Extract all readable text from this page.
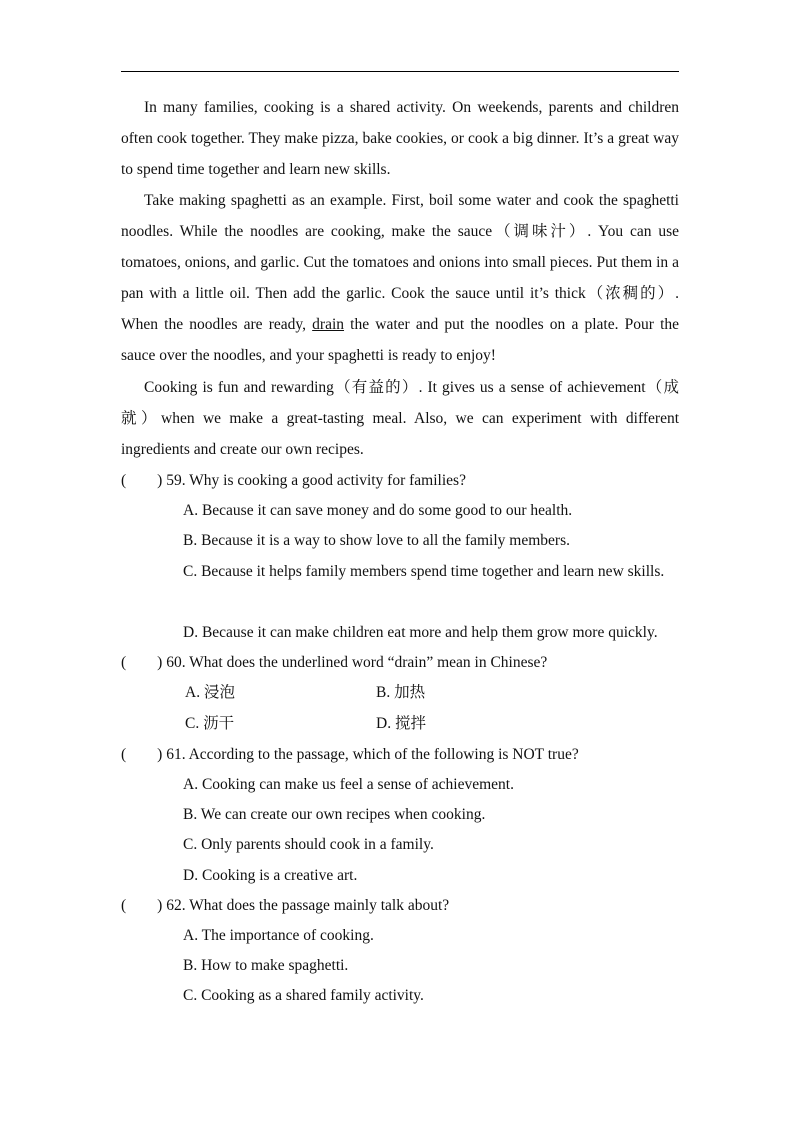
In many families, cooking is a shared activity. On weekends, parents and children often cook together. They make pizza, bake cookies, or cook a big dinner. It’s a great way to spend time together and learn new skills.

Take making spaghetti as an example. First, boil some water and cook the spaghetti noodles. While the noodles are cooking, make the sauce（调味汁）. You can use tomatoes, onions, and garlic. Cut the tomatoes and onions into small pieces. Put them in a pan with a little oil. Then add the garlic. Cook the sauce until it’s thick（浓稠的）. When the noodles are ready, drain the water and put the noodles on a plate. Pour the sauce over the noodles, and your spaghetti is ready to enjoy!

Cooking is fun and rewarding（有益的）. It gives us a sense of achievement（成就）when we make a great-tasting meal. Also, we can experiment with different ingredients and create our own recipes.

(　　) 59. Why is cooking a good activity for families?
A. Because it can save money and do some good to our health.
B. Because it is a way to show love to all the family members.
C. Because it helps family members spend time together and learn new skills.
D. Because it can make children eat more and help them grow more quickly.
(　　) 60. What does the underlined word “drain” mean in Chinese?
A. 浸泡	B. 加热
C. 沥干	D. 搅拌
(　　) 61. According to the passage, which of the following is NOT true?
A. Cooking can make us feel a sense of achievement.
B. We can create our own recipes when cooking.
C. Only parents should cook in a family.
D. Cooking is a creative art.
(　　) 62. What does the passage mainly talk about?
A. The importance of cooking.
B. How to make spaghetti.
C. Cooking as a shared family activity.
